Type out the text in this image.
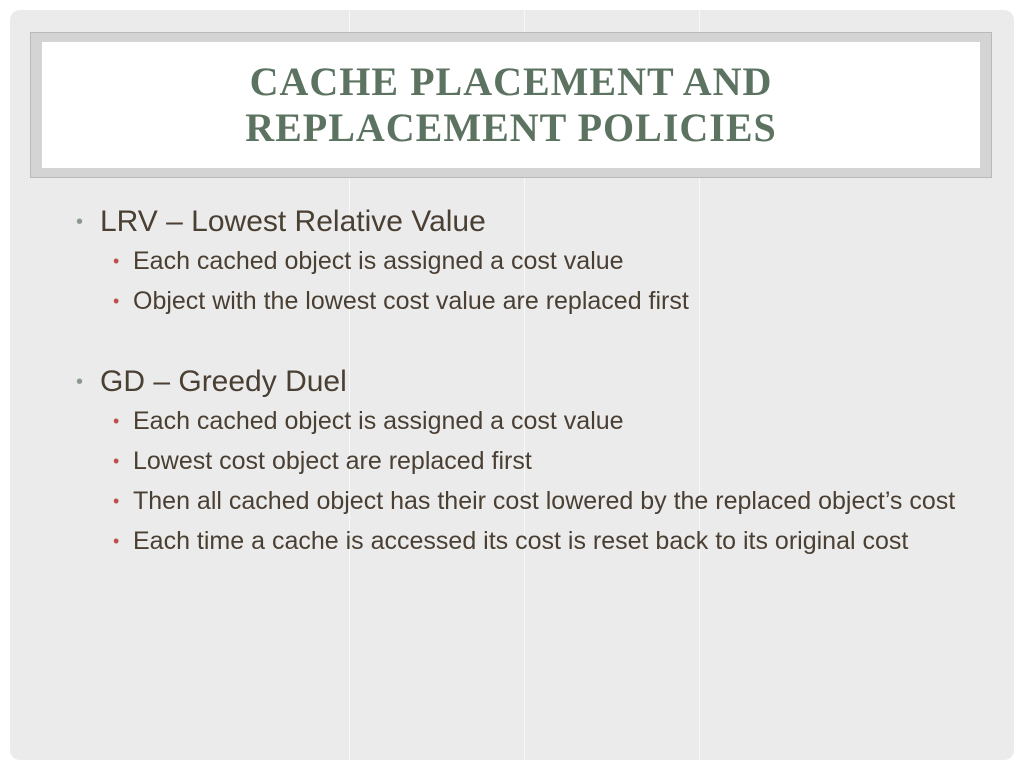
CACHE PLACEMENT AND
REPLACEMENT POLICIES

• LRV – Lowest Relative Value

• Each cached object is assigned a cost value

• Object with the lowest cost value are replaced first

• GD – Greedy Duel

• Each cached object is assigned a cost value

• Lowest cost object are replaced first

• Then all cached object has their cost lowered by the replaced object’s cost

• Each time a cache is accessed its cost is reset back to its original cost
